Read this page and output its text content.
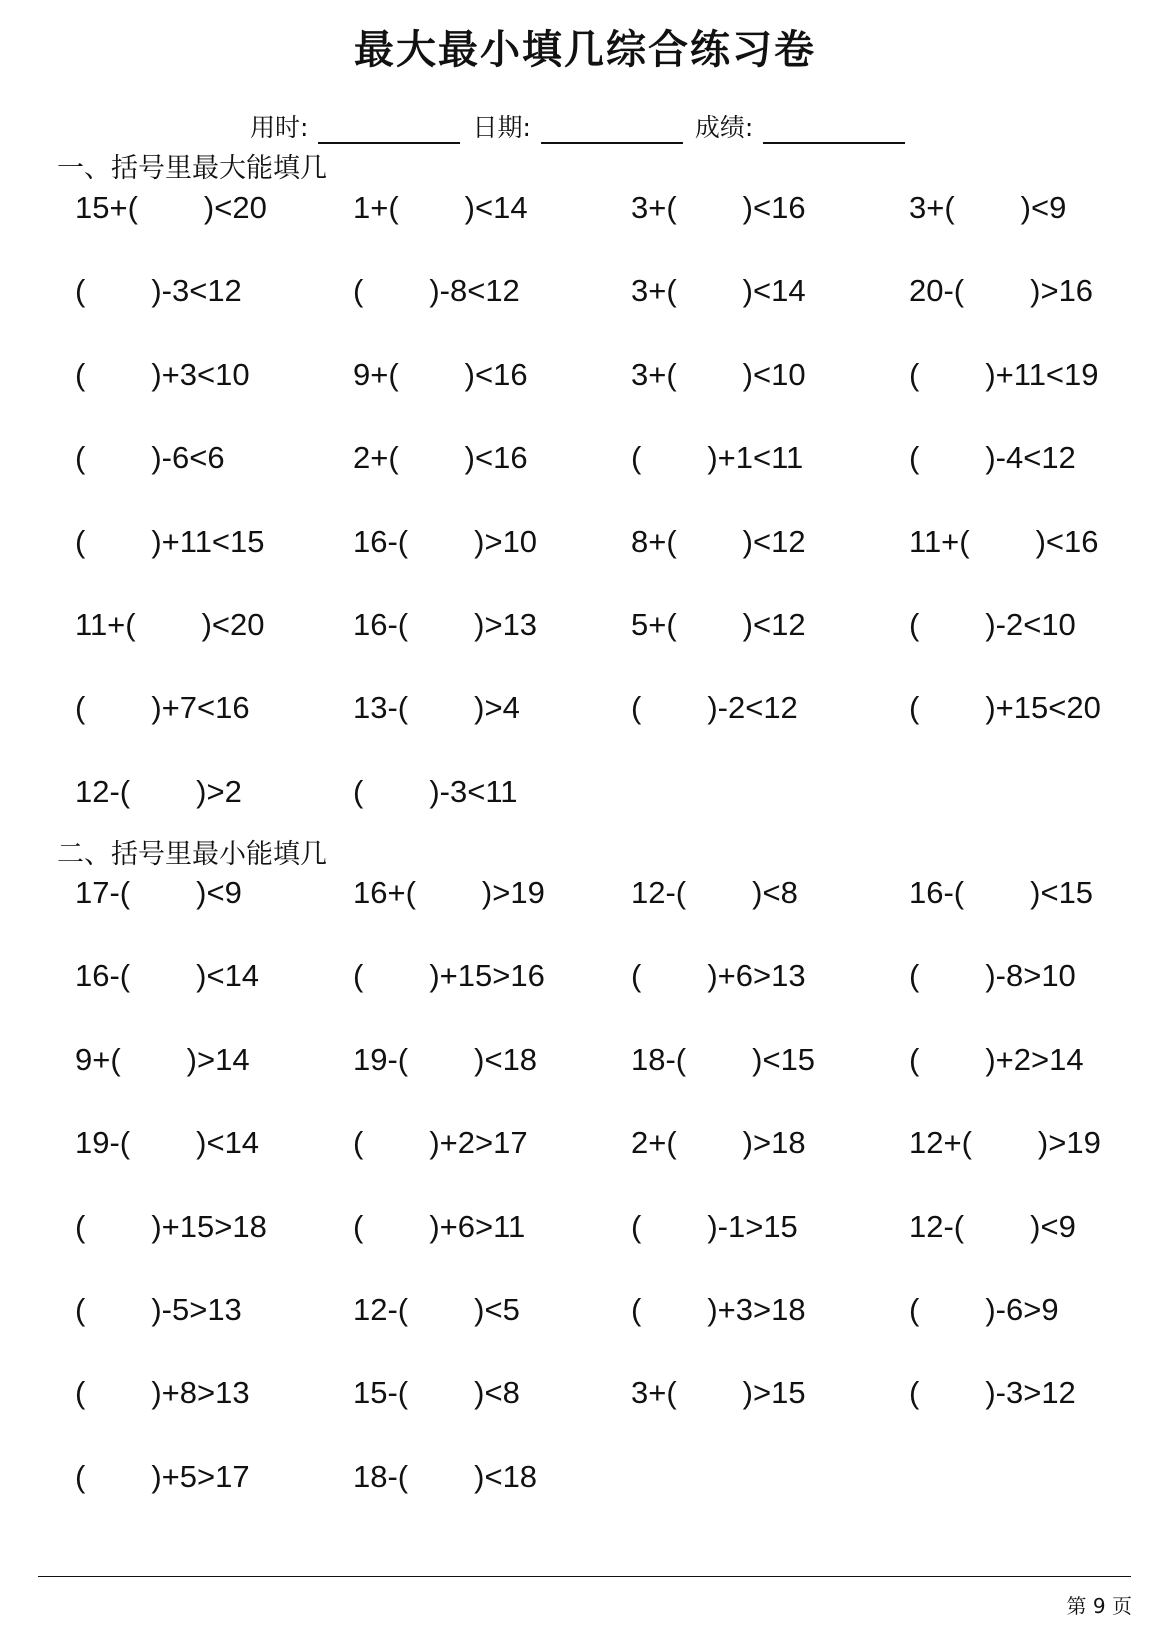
最大最小填几综合练习卷
用时:	日期:	成绩:
一、括号里最大能填几
15+( )<20	1+( )<14	3+( )<16	3+( )<9
( )-3<12	( )-8<12	3+( )<14	20-( )>16
( )+3<10	9+( )<16	3+( )<10	( )+11<19
( )-6<6	2+( )<16	( )+1<11	( )-4<12
( )+11<15	16-( )>10	8+( )<12	11+( )<16
11+( )<20	16-( )>13	5+( )<12	( )-2<10
( )+7<16	13-( )>4	( )-2<12	( )+15<20
12-( )>2	( )-3<11
二、括号里最小能填几
17-( )<9	16+( )>19	12-( )<8	16-( )<15
16-( )<14	( )+15>16	( )+6>13	( )-8>10
9+( )>14	19-( )<18	18-( )<15	( )+2>14
19-( )<14	( )+2>17	2+( )>18	12+( )>19
( )+15>18	( )+6>11	( )-1>15	12-( )<9
( )-5>13	12-( )<5	( )+3>18	( )-6>9
( )+8>13	15-( )<8	3+( )>15	( )-3>12
( )+5>17	18-( )<18
第 9 页
